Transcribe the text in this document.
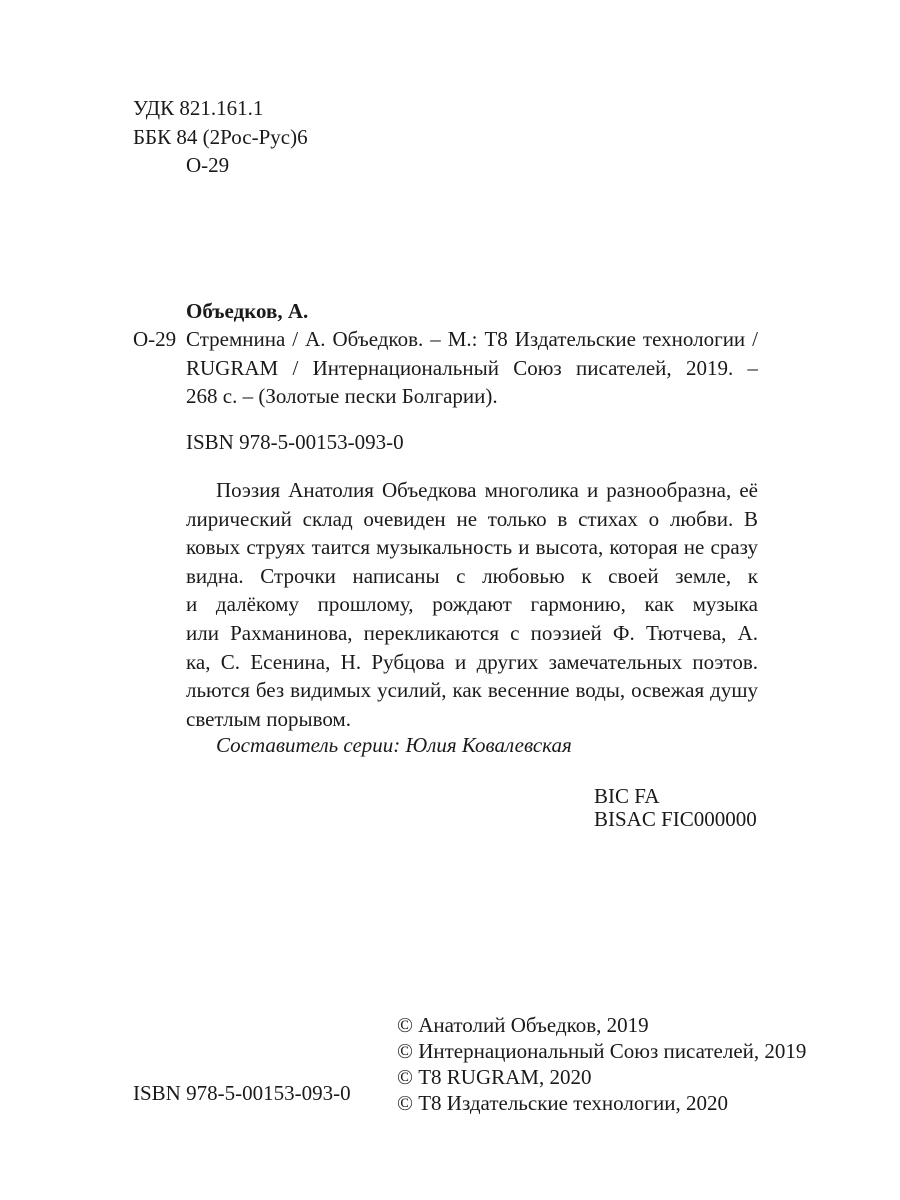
УДК 821.161.1
ББК 84 (2Рос-Рус)6
О-29
Объедков, А.
О-29 Стремнина / А. Объедков. – М.: Т8 Издательские технологии /
RUGRAM / Интернациональный Союз писателей, 2019. –
268 с. – (Золотые пески Болгарии).
ISBN 978-5-00153-093-0
Поэзия Анатолия Объедкова многолика и разнообразна, её
лирический склад очевиден не только в стихах о любви. В
ковых струях таится музыкальность и высота, которая не сразу
видна. Строчки написаны с любовью к своей земле, к
и далёкому прошлому, рождают гармонию, как музыка
или Рахманинова, перекликаются с поэзией Ф. Тютчева, А.
ка, С. Есенина, Н. Рубцова и других замечательных поэтов.
льются без видимых усилий, как весенние воды, освежая душу
светлым порывом.
Составитель серии: Юлия Ковалевская
BIC FA
BISAC FIC000000
© Анатолий Объедков, 2019
© Интернациональный Союз писателей, 2019
© Т8 RUGRAM, 2020
© Т8 Издательские технологии, 2020
ISBN 978-5-00153-093-0
